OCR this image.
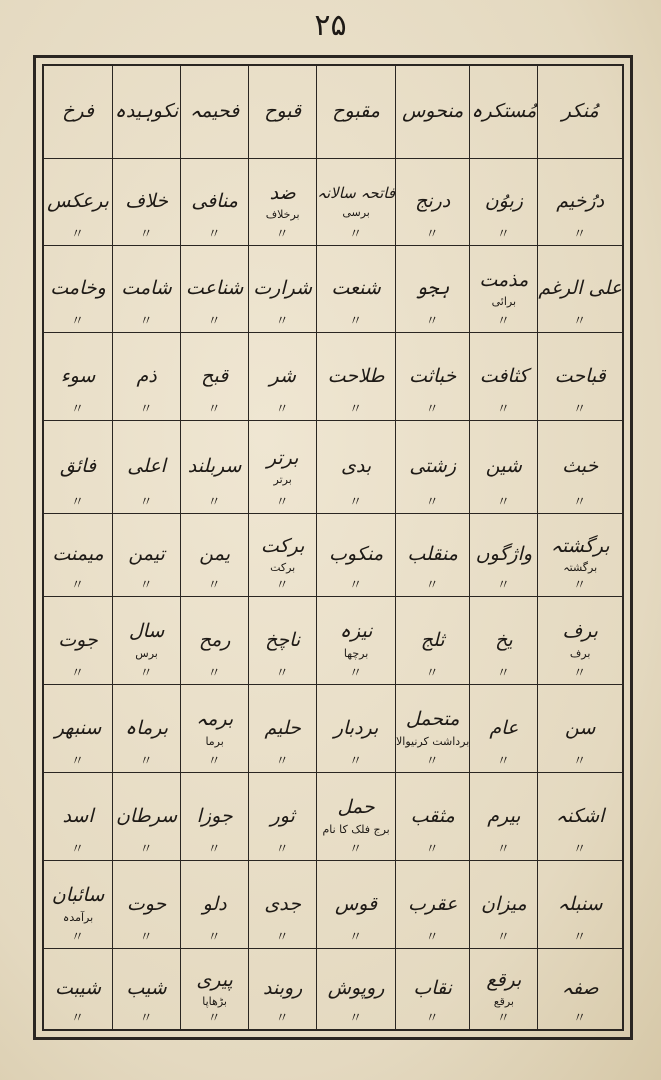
۲۵
مُنکر
مُستکرہ
منحوس
مقبوح
قبوح
فحیمہ
نکوہیدہ
فرخ
درُخیم
〃
زبوُن
〃
درنج
〃
فاتحہ سالانہ
برسی
〃
ضد
برخلاف
〃
منافی
〃
خلاف
〃
برعکس
〃
علی الرغم
〃
مذمت
برائی
〃
ہجو
〃
شنعت
〃
شرارت
〃
شناعت
〃
شامت
〃
وخامت
〃
قباحت
〃
کثافت
〃
خباثت
〃
طلاحت
〃
شر
〃
قبح
〃
ذم
〃
سوء
〃
خبث
〃
شین
〃
زشتی
〃
بدی
〃
برتر
برتر
〃
سربلند
〃
اعلی
〃
فائق
〃
برگشتہ
برگشتہ
〃
واژگوں
〃
منقلب
〃
منکوب
〃
برکت
برکت
〃
یمن
〃
تیمن
〃
میمنت
〃
برف
برف
〃
یخ
〃
ثلج
〃
نیزہ
برچھا
〃
ناچخ
〃
رمح
〃
سال
برس
〃
جوت
〃
سن
〃
عام
〃
متحمل
برداشت کرنیوالا
〃
بردبار
〃
حلیم
〃
برمہ
برما
〃
برماہ
〃
سنبھر
〃
اشکنہ
〃
بیرم
〃
مثقب
〃
حمل
برج فلک کا نام
〃
ثور
〃
جوزا
〃
سرطان
〃
اسد
〃
سنبلہ
〃
میزان
〃
عقرب
〃
قوس
〃
جدی
〃
دلو
〃
حوت
〃
سائبان
برآمدہ
〃
صفہ
〃
برقع
برقع
〃
نقاب
〃
روپوش
〃
روبند
〃
پیری
بڑھاپا
〃
شیب
〃
شیبت
〃
